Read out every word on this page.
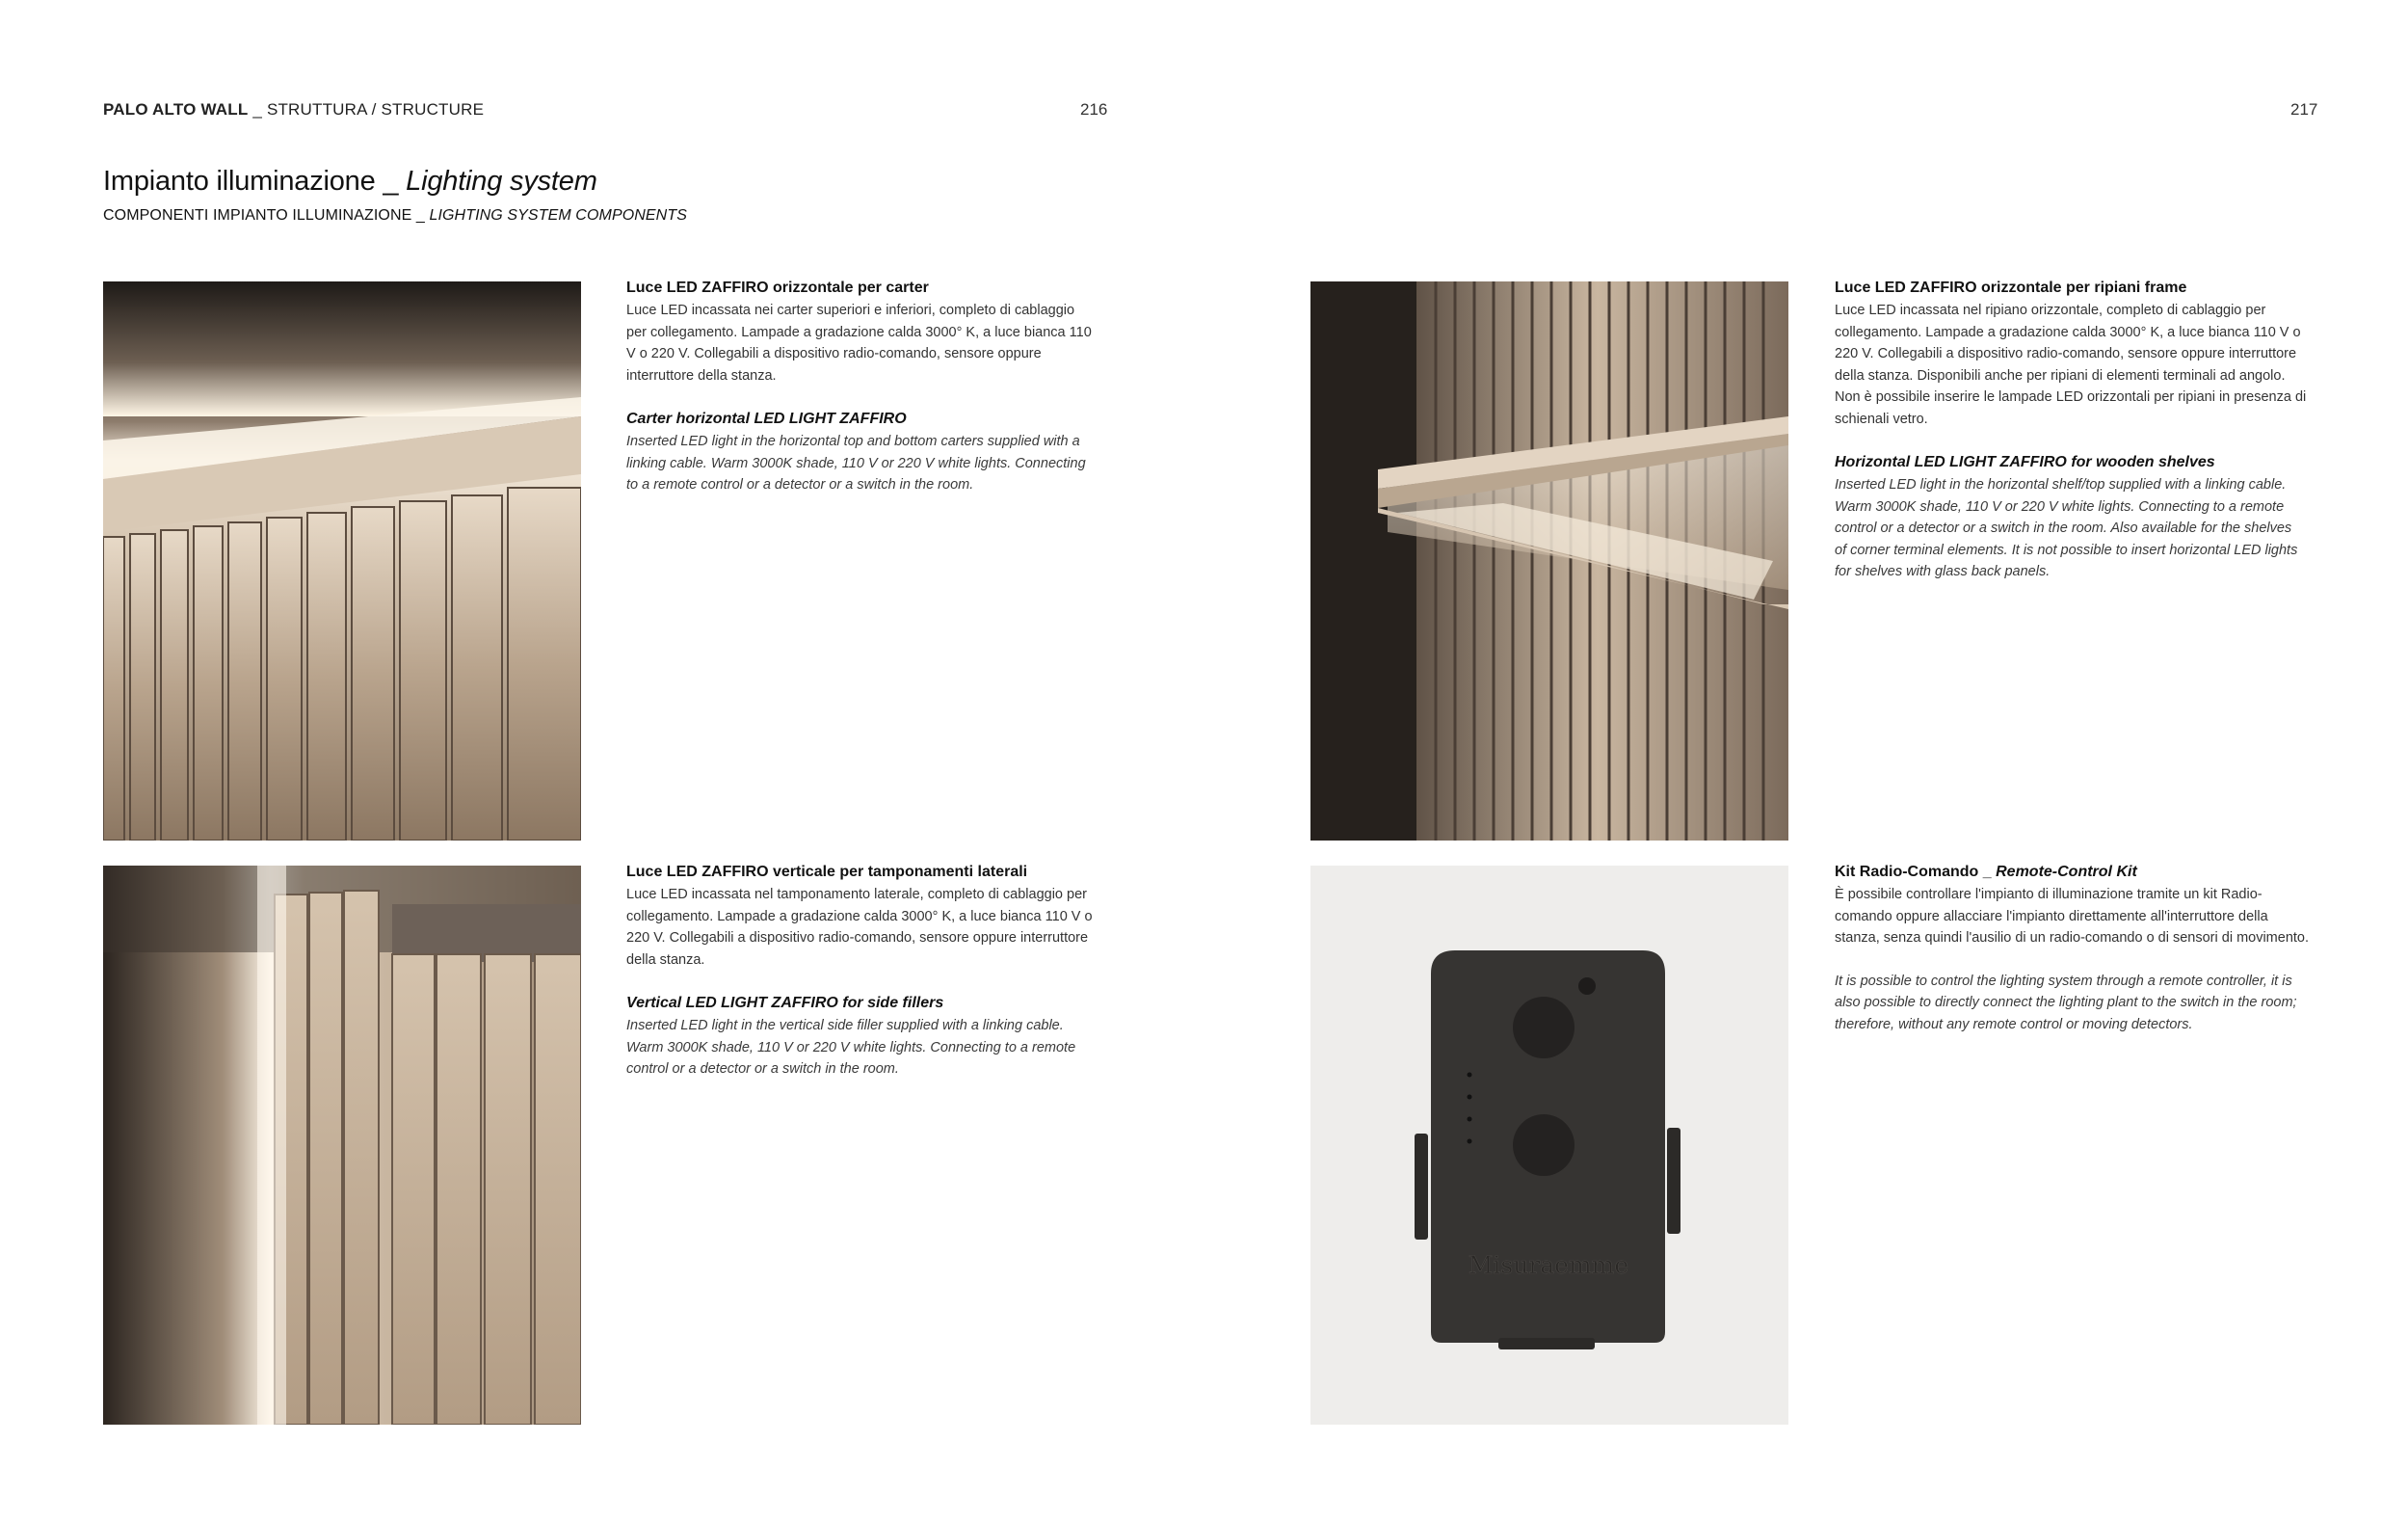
PALO ALTO WALL _ STRUTTURA / STRUCTURE	216	217
Impianto illuminazione _ Lighting system
COMPONENTI IMPIANTO ILLUMINAZIONE _ LIGHTING SYSTEM COMPONENTS
Misuraemme
Luce LED ZAFFIRO orizzontale per carter

Luce LED incassata nei carter superiori e inferiori, completo di cablaggio per collegamento. Lampade a gradazione calda 3000° K, a luce bianca 110 V o 220 V. Collegabili a dispositivo radio-comando, sensore oppure interruttore della stanza.

Carter horizontal LED LIGHT ZAFFIRO

Inserted LED light in the horizontal top and bottom carters supplied with a linking cable. Warm 3000K shade, 110 V or 220 V white lights. Connecting to a remote control or a detector or a switch in the room.

Luce LED ZAFFIRO orizzontale per ripiani frame

Luce LED incassata nel ripiano orizzontale, completo di cablaggio per collegamento. Lampade a gradazione calda 3000° K, a luce bianca 110 V o 220 V. Collegabili a dispositivo radio-comando, sensore oppure interruttore della stanza. Disponibili anche per ripiani di elementi terminali ad angolo. Non è possibile inserire le lampade LED orizzontali per ripiani in presenza di schienali vetro.

Horizontal LED LIGHT ZAFFIRO for wooden shelves

Inserted LED light in the horizontal shelf/top supplied with a linking cable. Warm 3000K shade, 110 V or 220 V white lights. Connecting to a remote control or a detector or a switch in the room. Also available for the shelves of corner terminal elements. It is not possible to insert horizontal LED lights for shelves with glass back panels.

Luce LED ZAFFIRO verticale per tamponamenti laterali

Luce LED incassata nel tamponamento laterale, completo di cablaggio per collegamento. Lampade a gradazione calda 3000° K, a luce bianca 110 V o 220 V. Collegabili a dispositivo radio-comando, sensore oppure interruttore della stanza.

Vertical LED LIGHT ZAFFIRO for side fillers

Inserted LED light in the vertical side filler supplied with a linking cable. Warm 3000K shade, 110 V or 220 V white lights. Connecting to a remote control or a detector or a switch in the room.

Kit Radio-Comando _ Remote-Control Kit

È possibile controllare l'impianto di illuminazione tramite un kit Radio-comando oppure allacciare l'impianto direttamente all'interruttore della stanza, senza quindi l'ausilio di un radio-comando o di sensori di movimento.

It is possible to control the lighting system through a remote controller, it is also possible to directly connect the lighting plant to the switch in the room; therefore, without any remote control or moving detectors.
